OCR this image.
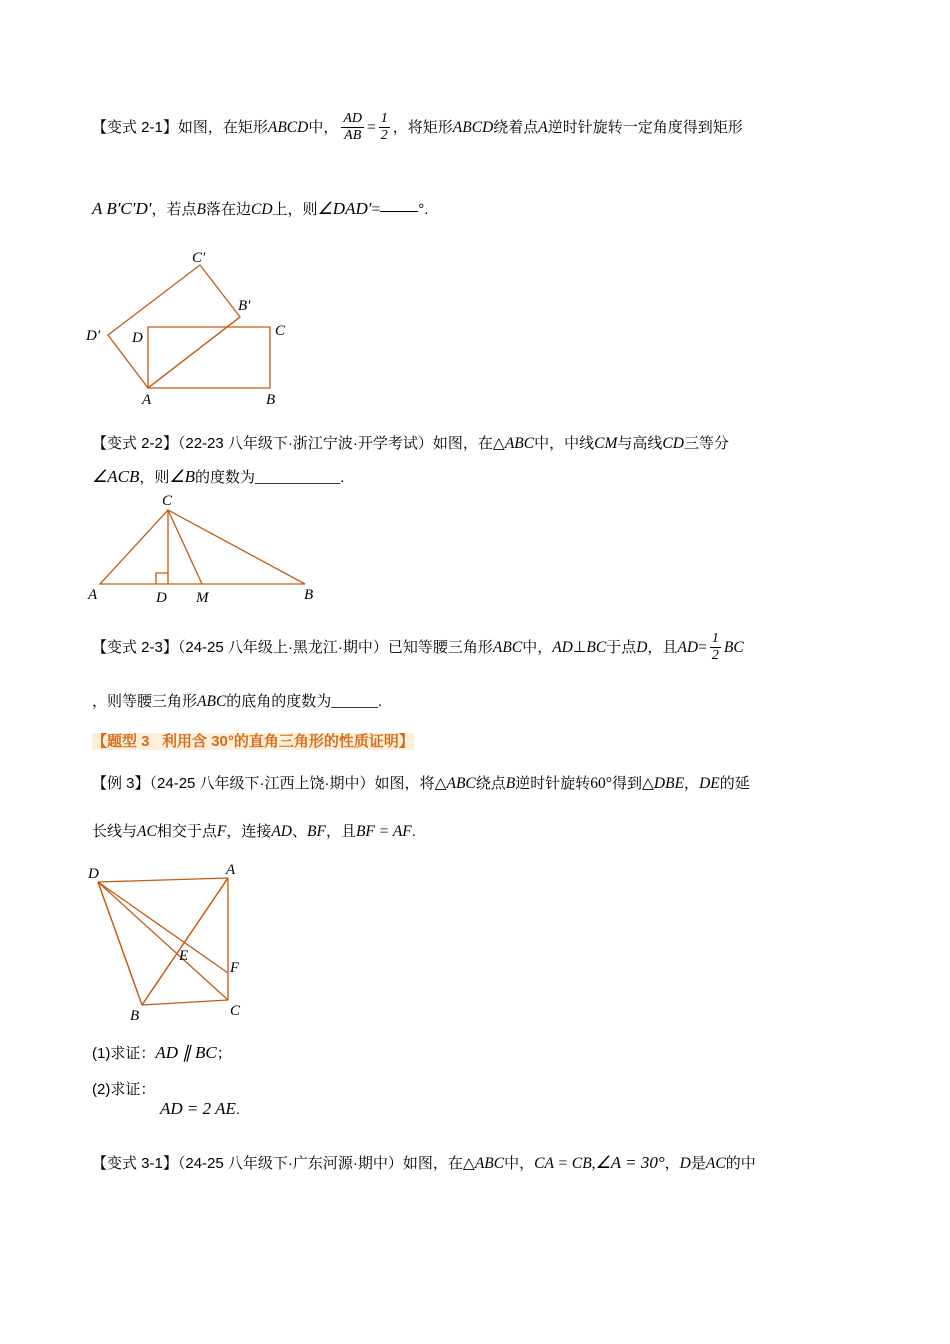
【变式 2-1】如图，在矩形ABCD中， $\frac{AD}{AB} = \frac{1}{2}$ ，将矩形ABCD绕着点A逆时针旋转一定角度得到矩形
A B′C′D′，若点B落在边CD上，则∠DAD′=	°.
C′
B′
D′ D	C
A	B
【变式 2-2】（22-23 八年级下·浙江宁波·开学考试）如图，在△ABC中，中线CM与高线CD三等分
∠ACB，则∠B的度数为___________.
C
A	D M	B
【变式 2-3】（24-25 八年级上·黑龙江·期中）已知等腰三角形ABC中，AD⊥BC于点D，且$AD= \frac{1}{2}$ BC
，则等腰三角形ABC的底角的度数为______.
【题型 3 利用含 30°的直角三角形的性质证明】
【例 3】（24-25 八年级下·江西上饶·期中）如图，将△ABC绕点B逆时针旋转60°得到△DBE，DE的延
长线与AC相交于点F，连接AD、BF，且BF = AF.
D	A
E
F
B	C
(1)求证：AD ∥ BC；
(2)求证：
AD = 2 AE.
【变式 3-1】（24-25 八年级下·广东河源·期中）如图，在△ABC中，CA = CB,∠A = 30°，D是AC的中
